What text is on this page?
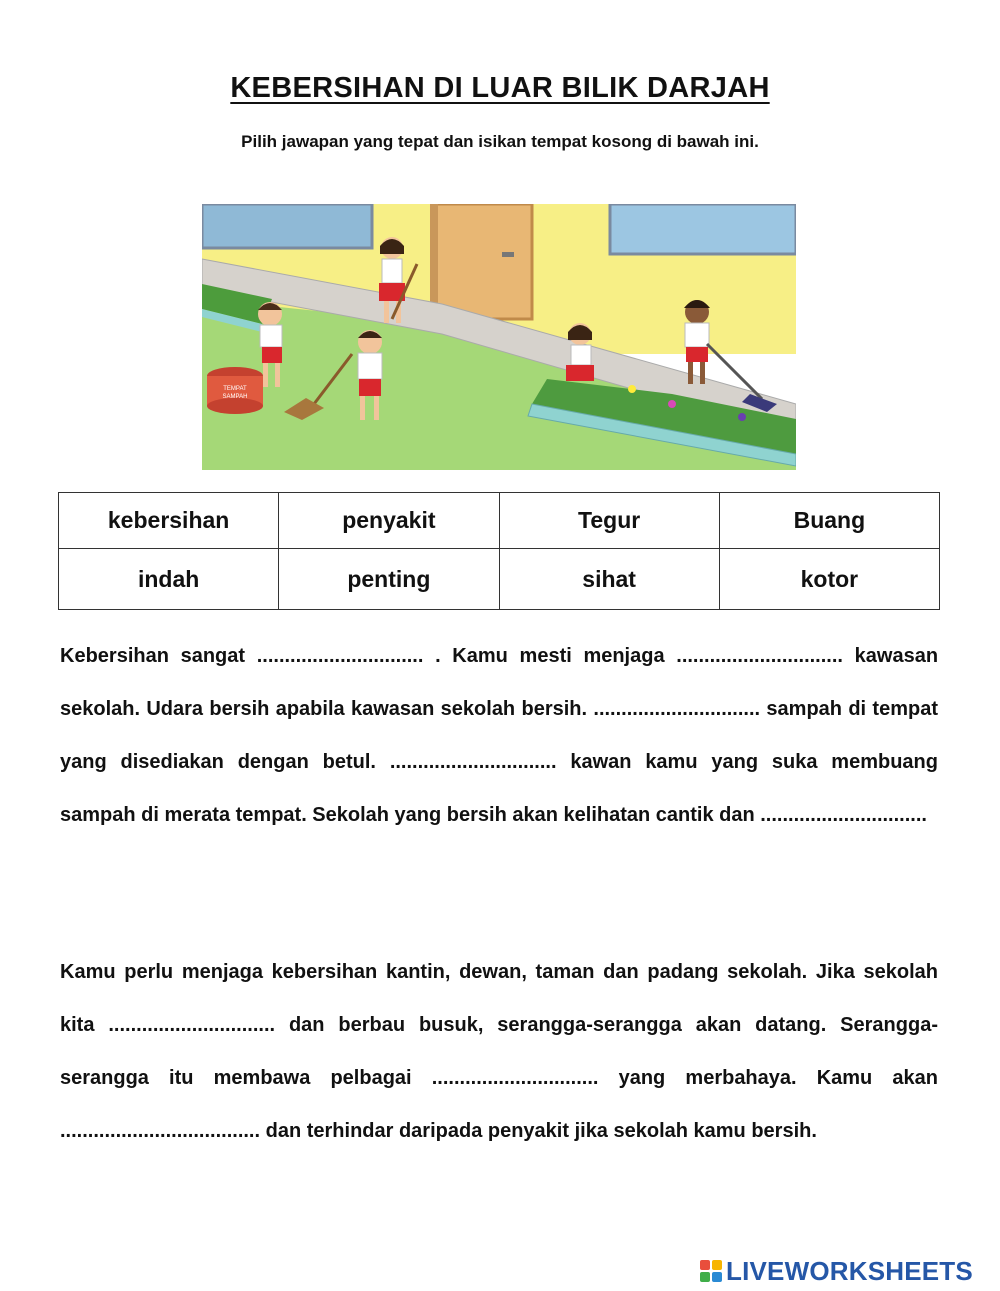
KEBERSIHAN DI LUAR BILIK DARJAH
Pilih jawapan yang tepat dan isikan tempat kosong di bawah ini.
TEMPAT
SAMPAH
kebersihan	penyakit	Tegur	Buang
indah	penting	sihat	kotor

Kebersihan sangat .............................. . Kamu mesti menjaga .............................. kawasan sekolah. Udara bersih apabila kawasan sekolah bersih. .............................. sampah di tempat yang disediakan dengan betul. .............................. kawan kamu yang suka membuang sampah di merata tempat. Sekolah yang bersih akan kelihatan cantik dan ..............................

Kamu perlu menjaga kebersihan kantin, dewan, taman dan padang sekolah. Jika sekolah kita .............................. dan berbau busuk, serangga-serangga akan datang. Serangga-serangga itu membawa pelbagai .............................. yang merbahaya. Kamu akan .................................... dan terhindar daripada penyakit jika sekolah kamu bersih.

LIVEWORKSHEETS
